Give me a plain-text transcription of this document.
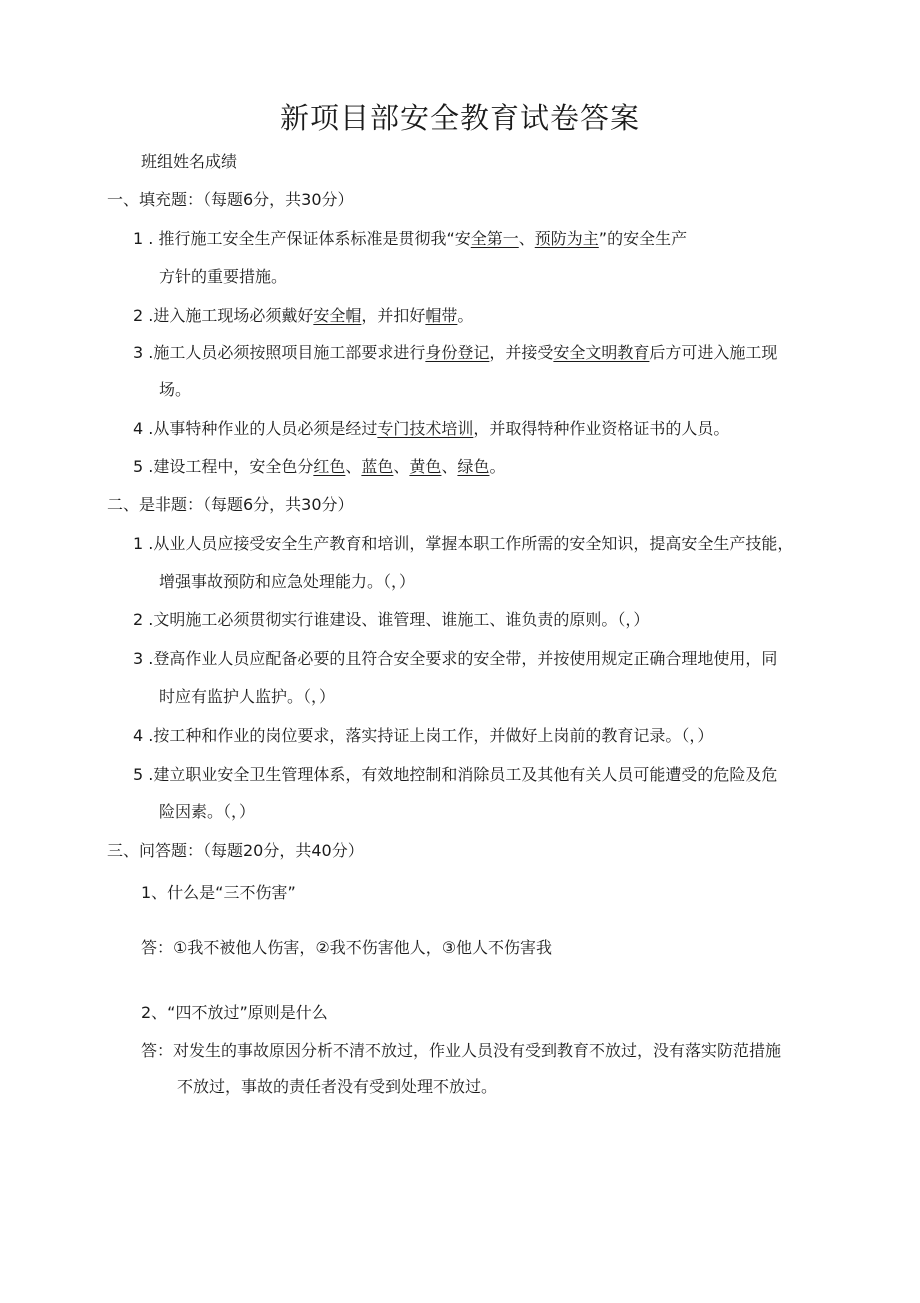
新项目部安全教育试卷答案
班组姓名成绩
一、填充题：（每题6分，共30分）
1 . 推行施工安全生产保证体系标准是贯彻我“安全第一、预防为主”的安全生产
方针的重要措施。
2 .进入施工现场必须戴好安全帽，并扣好帽带。
3 .施工人员必须按照项目施工部要求进行身份登记，并接受安全文明教育后方可进入施工现
场。
4 .从事特种作业的人员必须是经过专门技术培训，并取得特种作业资格证书的人员。
5 .建设工程中，安全色分红色、蓝色、黄色、绿色。
二、是非题：（每题6分，共30分）
1 .从业人员应接受安全生产教育和培训，掌握本职工作所需的安全知识，提高安全生产技能，
增强事故预防和应急处理能力。（，）
2 .文明施工必须贯彻实行谁建设、谁管理、谁施工、谁负责的原则。（，）
3 .登高作业人员应配备必要的且符合安全要求的安全带，并按使用规定正确合理地使用，同
时应有监护人监护。（，）
4 .按工种和作业的岗位要求，落实持证上岗工作，并做好上岗前的教育记录。（，）
5 .建立职业安全卫生管理体系，有效地控制和消除员工及其他有关人员可能遭受的危险及危
险因素。（，）
三、问答题：（每题20分，共40分）
1、什么是“三不伤害”
答：①我不被他人伤害，②我不伤害他人，③他人不伤害我
2、“四不放过”原则是什么
答：对发生的事故原因分析不清不放过，作业人员没有受到教育不放过，没有落实防范措施
不放过，事故的责任者没有受到处理不放过。
